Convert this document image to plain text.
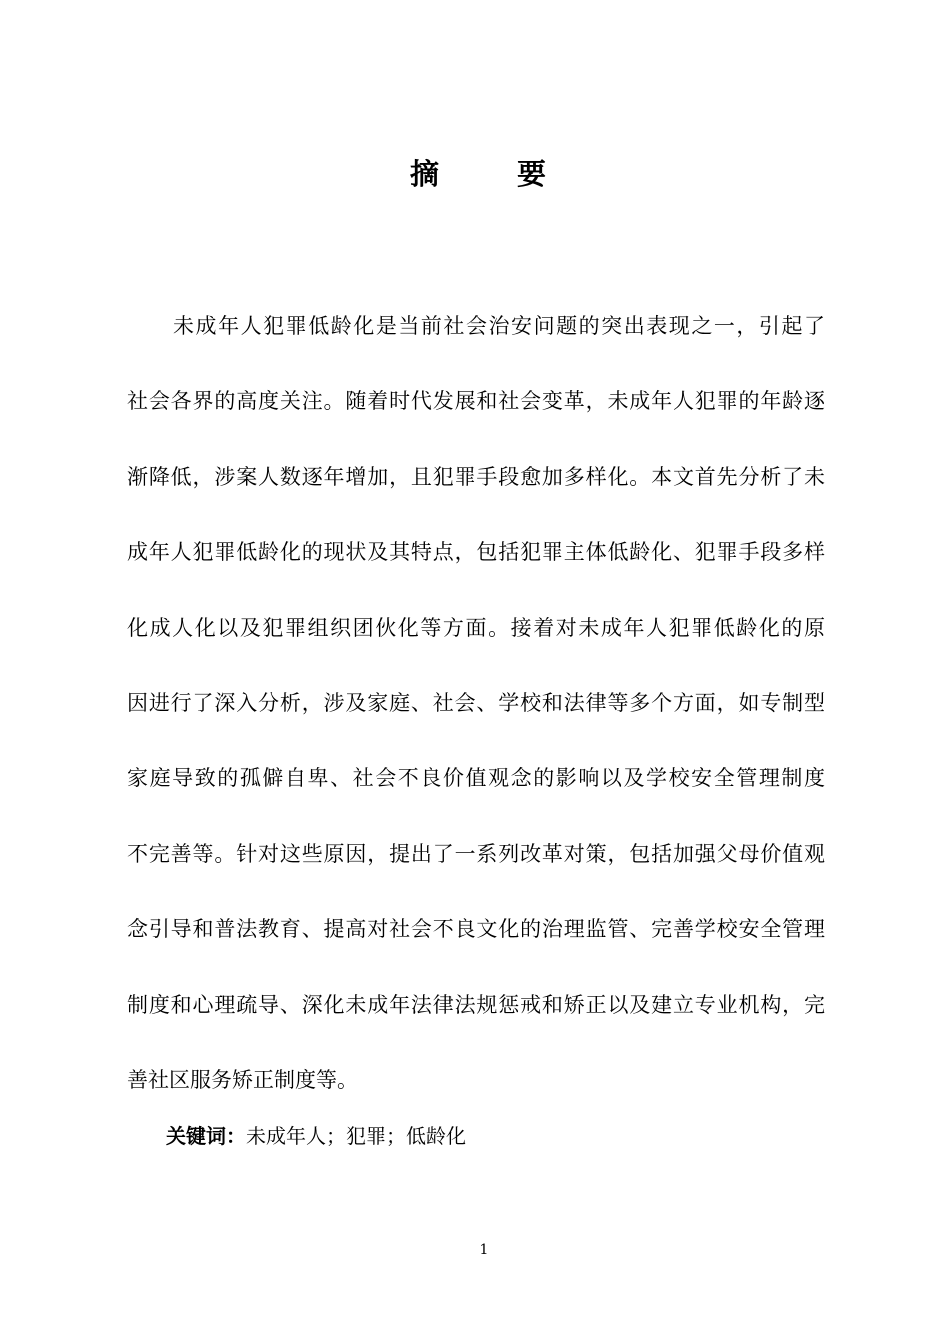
摘 要
未成年人犯罪低龄化是当前社会治安问题的突出表现之一，引起了
社会各界的高度关注。随着时代发展和社会变革，未成年人犯罪的年龄逐
渐降低，涉案人数逐年增加，且犯罪手段愈加多样化。本文首先分析了未
成年人犯罪低龄化的现状及其特点，包括犯罪主体低龄化、犯罪手段多样
化成人化以及犯罪组织团伙化等方面。接着对未成年人犯罪低龄化的原
因进行了深入分析，涉及家庭、社会、学校和法律等多个方面，如专制型
家庭导致的孤僻自卑、社会不良价值观念的影响以及学校安全管理制度
不完善等。针对这些原因，提出了一系列改革对策，包括加强父母价值观
念引导和普法教育、提高对社会不良文化的治理监管、完善学校安全管理
制度和心理疏导、深化未成年法律法规惩戒和矫正以及建立专业机构，完
善社区服务矫正制度等。
关键词：未成年人；犯罪；低龄化
1
